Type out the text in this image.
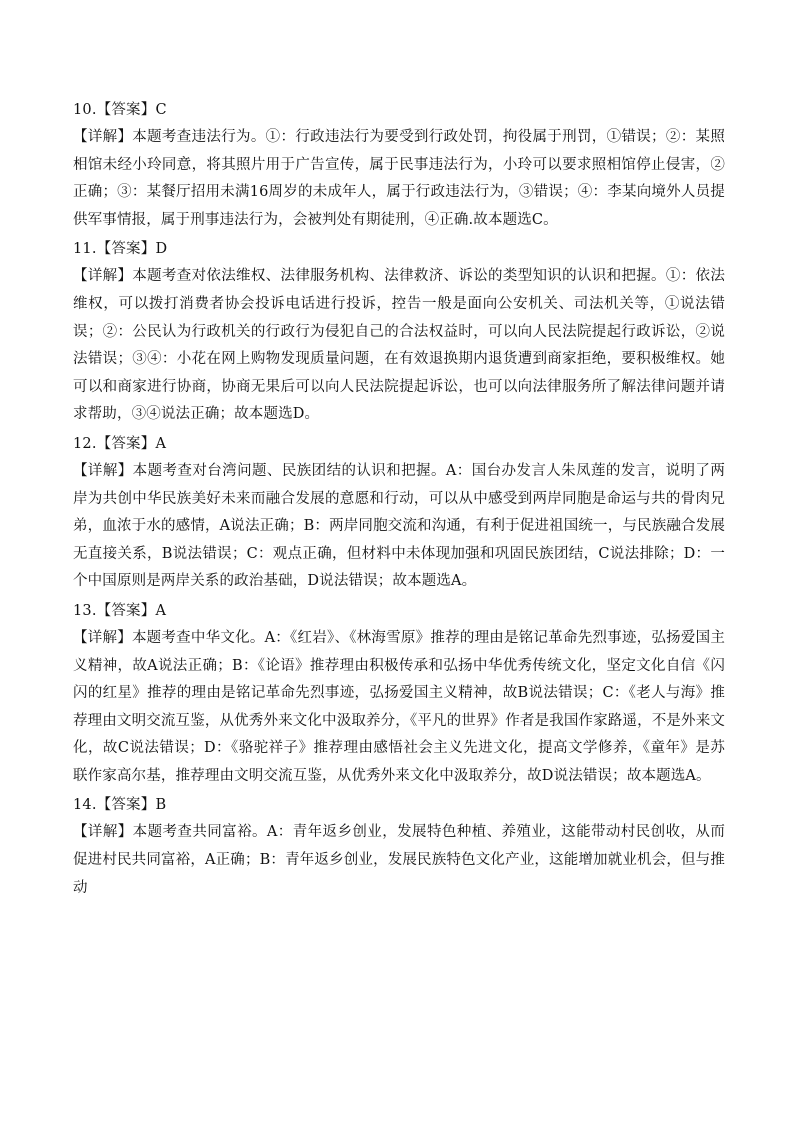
10.【答案】C

【详解】本题考查违法行为。①：行政违法行为要受到行政处罚，拘役属于刑罚，①错误；②：某照相馆未经小玲同意，将其照片用于广告宣传，属于民事违法行为，小玲可以要求照相馆停止侵害，②正确；③：某餐厅招用未满16周岁的未成年人，属于行政违法行为，③错误；④：李某向境外人员提供军事情报，属于刑事违法行为，会被判处有期徒刑，④正确.故本题选C。

11.【答案】D

【详解】本题考查对依法维权、法律服务机构、法律救济、诉讼的类型知识的认识和把握。①：依法维权，可以拨打消费者协会投诉电话进行投诉，控告一般是面向公安机关、司法机关等，①说法错误；②：公民认为行政机关的行政行为侵犯自己的合法权益时，可以向人民法院提起行政诉讼，②说法错误；③④：小花在网上购物发现质量问题，在有效退换期内退货遭到商家拒绝，要积极维权。她可以和商家进行协商，协商无果后可以向人民法院提起诉讼，也可以向法律服务所了解法律问题并请求帮助，③④说法正确；故本题选D。

12.【答案】A

【详解】本题考查对台湾问题、民族团结的认识和把握。A：国台办发言人朱凤莲的发言，说明了两岸为共创中华民族美好未来而融合发展的意愿和行动，可以从中感受到两岸同胞是命运与共的骨肉兄弟，血浓于水的感情，A说法正确；B：两岸同胞交流和沟通，有利于促进祖国统一，与民族融合发展无直接关系，B说法错误；C：观点正确，但材料中未体现加强和巩固民族团结，C说法排除；D：一个中国原则是两岸关系的政治基础，D说法错误；故本题选A。

13.【答案】A

【详解】本题考查中华文化。A：《红岩》、《林海雪原》推荐的理由是铭记革命先烈事迹，弘扬爱国主义精神，故A说法正确；B：《论语》推荐理由积极传承和弘扬中华优秀传统文化，坚定文化自信《闪闪的红星》推荐的理由是铭记革命先烈事迹，弘扬爱国主义精神，故B说法错误；C：《老人与海》推荐理由文明交流互鉴，从优秀外来文化中汲取养分，《平凡的世界》作者是我国作家路遥，不是外来文化，故C说法错误；D：《骆驼祥子》推荐理由感悟社会主义先进文化，提高文学修养，《童年》是苏联作家高尔基，推荐理由文明交流互鉴，从优秀外来文化中汲取养分，故D说法错误；故本题选A。

14.【答案】B

【详解】本题考查共同富裕。A：青年返乡创业，发展特色种植、养殖业，这能带动村民创收，从而促进村民共同富裕，A正确；B：青年返乡创业，发展民族特色文化产业，这能增加就业机会，但与推动
